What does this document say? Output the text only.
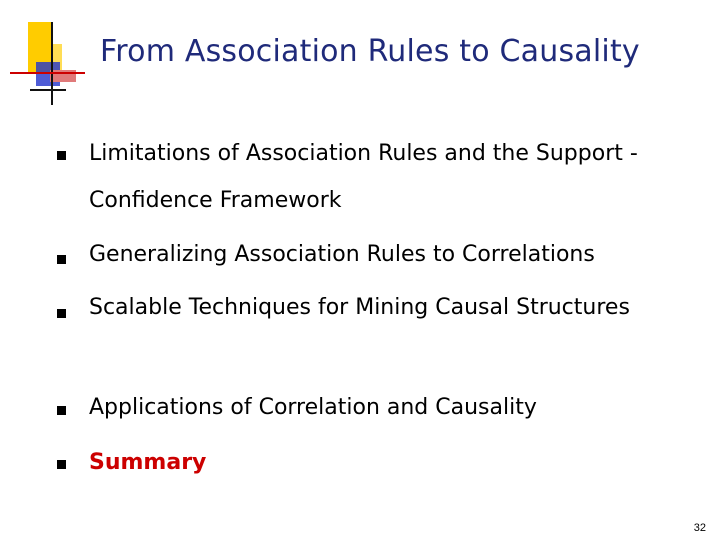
From Association Rules to Causality
Limitations of Association Rules and the Support -Confidence Framework
Generalizing Association Rules to Correlations
Scalable Techniques for Mining Causal Structures
Applications of Correlation and Causality
Summary
32
